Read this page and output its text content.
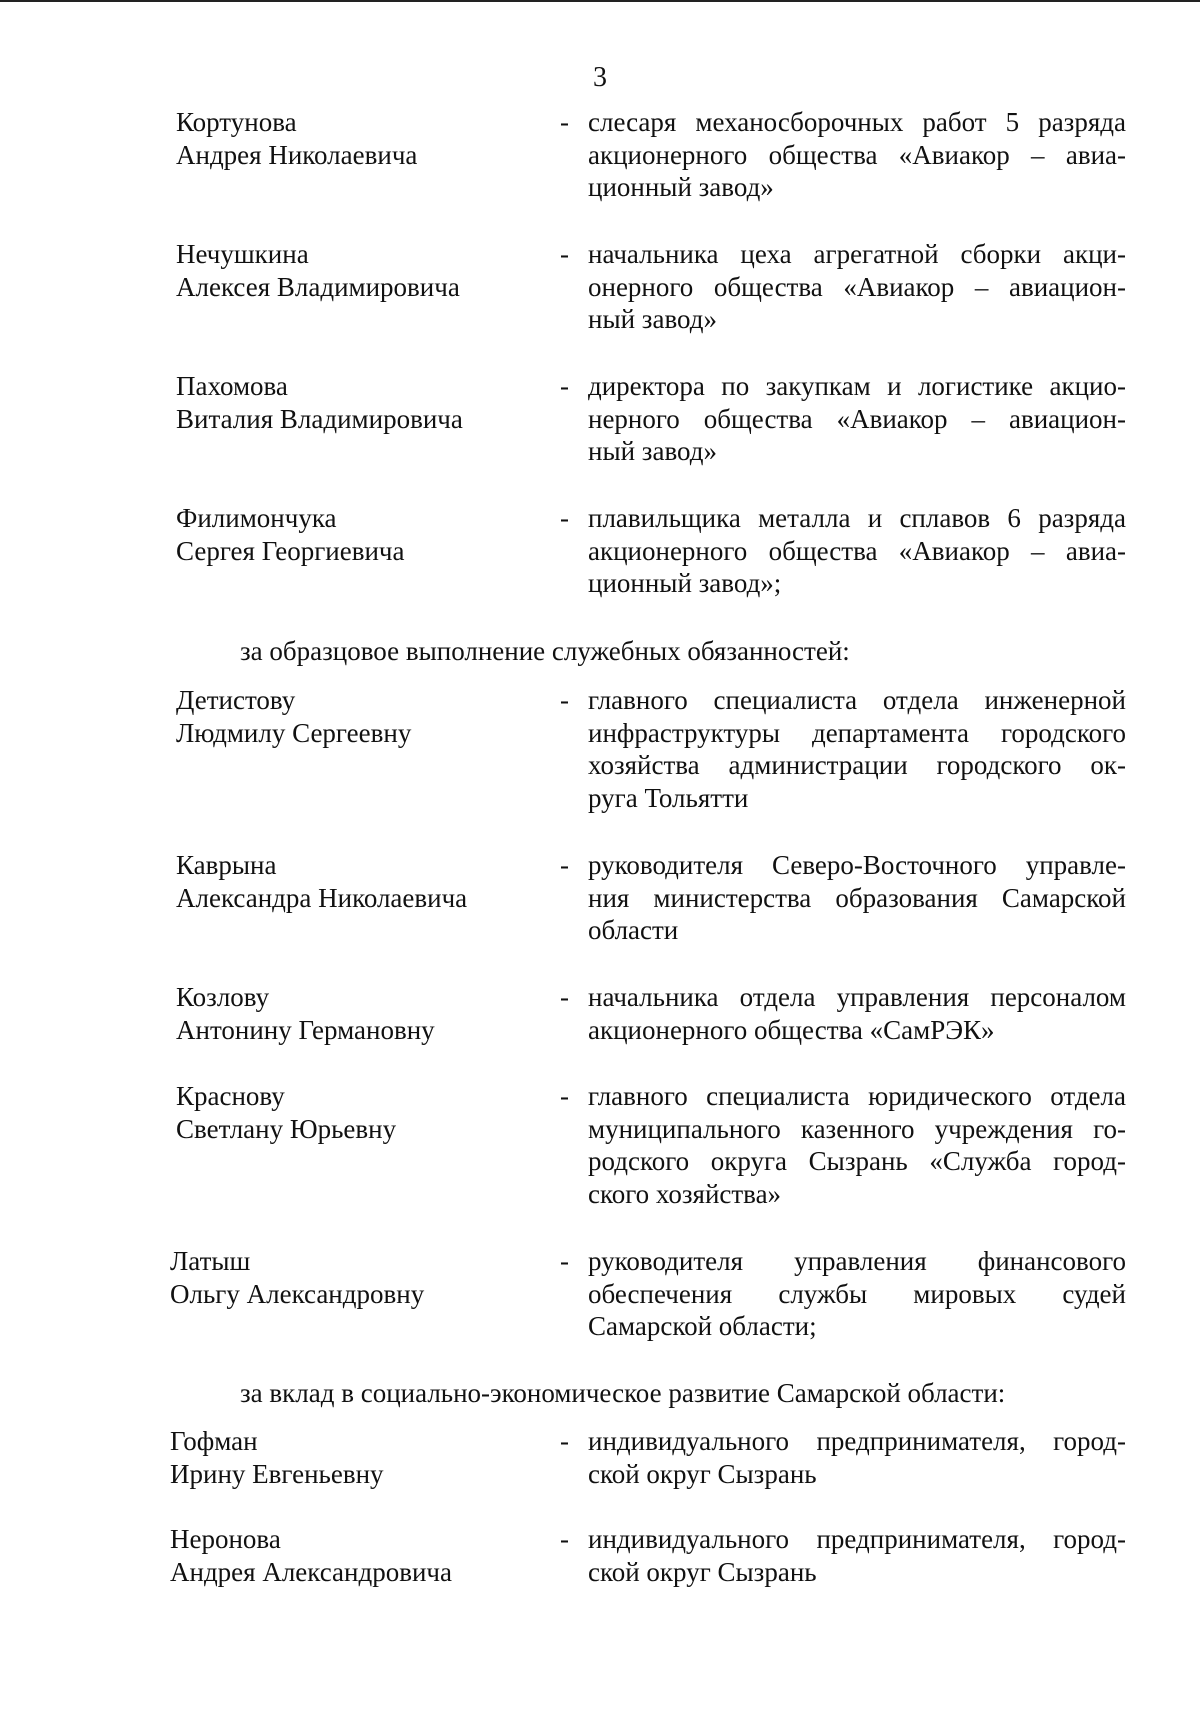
3
Кортунова
Андрея Николаевича
- слесаря механосборочных работ 5 разряда
акционерного общества «Авиакор – авиа-
ционный завод»
Нечушкина
Алексея Владимировича
- начальника цеха агрегатной сборки акци-
онерного общества «Авиакор – авиацион-
ный завод»
Пахомова
Виталия Владимировича
- директора по закупкам и логистике акцио-
нерного общества «Авиакор – авиацион-
ный завод»
Филимончука
Сергея Георгиевича
- плавильщика металла и сплавов 6 разряда
акционерного общества «Авиакор – авиа-
ционный завод»;
за образцовое выполнение служебных обязанностей:
Детистову
Людмилу Сергеевну
- главного специалиста отдела инженерной
инфраструктуры департамента городского
хозяйства администрации городского ок-
руга Тольятти
Каврына
Александра Николаевича
- руководителя Северо-Восточного управле-
ния министерства образования Самарской
области
Козлову
Антонину Германовну
- начальника отдела управления персоналом
акционерного общества «СамРЭК»
Краснову
Светлану Юрьевну
- главного специалиста юридического отдела
муниципального казенного учреждения го-
родского округа Сызрань «Служба город-
ского хозяйства»
Латыш
Ольгу Александровну
- руководителя управления финансового
обеспечения службы мировых судей
Самарской области;
за вклад в социально-экономическое развитие Самарской области:
Гофман
Ирину Евгеньевну
- индивидуального предпринимателя, город-
ской округ Сызрань
Неронова
Андрея Александровича
- индивидуального предпринимателя, город-
ской округ Сызрань
